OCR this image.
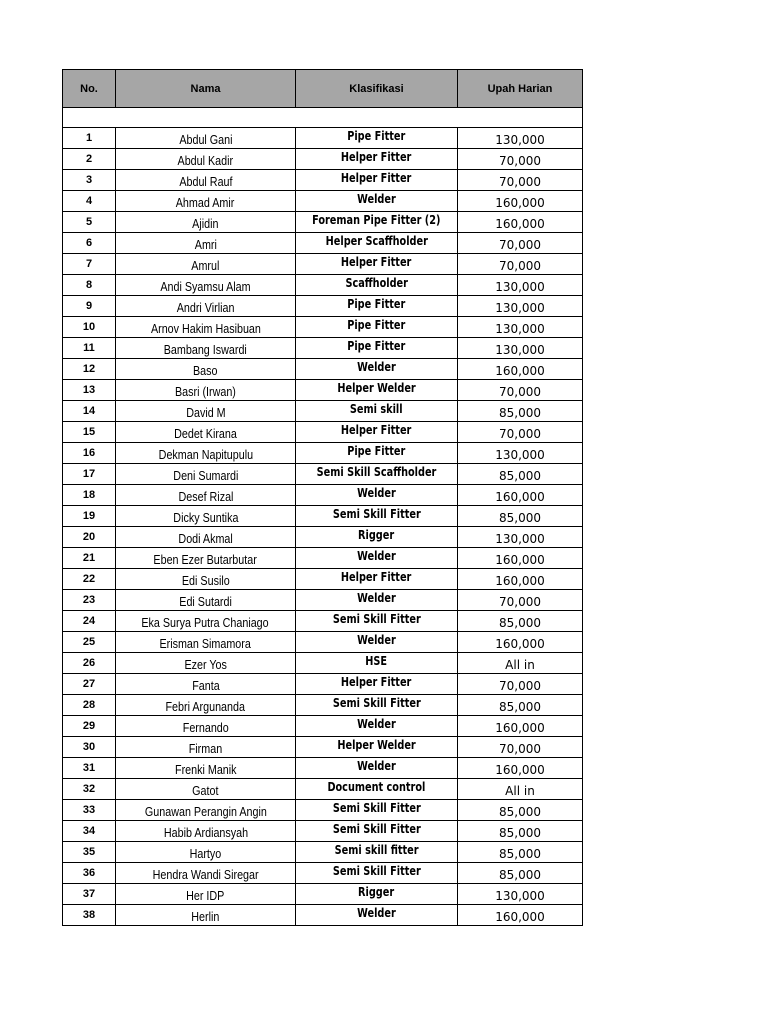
No.	Nama	Klasifikasi	Upah Harian

1	Abdul Gani	Pipe Fitter	130,000
2	Abdul Kadir	Helper Fitter	70,000
3	Abdul Rauf	Helper Fitter	70,000
4	Ahmad Amir	Welder	160,000
5	Ajidin	Foreman Pipe Fitter (2)	160,000
6	Amri	Helper Scaffholder	70,000
7	Amrul	Helper Fitter	70,000
8	Andi Syamsu Alam	Scaffholder	130,000
9	Andri Virlian	Pipe Fitter	130,000
10	Arnov Hakim Hasibuan	Pipe Fitter	130,000
11	Bambang Iswardi	Pipe Fitter	130,000
12	Baso	Welder	160,000
13	Basri (Irwan)	Helper Welder	70,000
14	David M	Semi skill	85,000
15	Dedet Kirana	Helper Fitter	70,000
16	Dekman Napitupulu	Pipe Fitter	130,000
17	Deni Sumardi	Semi Skill Scaffholder	85,000
18	Desef Rizal	Welder	160,000
19	Dicky Suntika	Semi Skill Fitter	85,000
20	Dodi Akmal	Rigger	130,000
21	Eben Ezer Butarbutar	Welder	160,000
22	Edi Susilo	Helper Fitter	160,000
23	Edi Sutardi	Welder	70,000
24	Eka Surya Putra Chaniago	Semi Skill Fitter	85,000
25	Erisman Simamora	Welder	160,000
26	Ezer Yos	HSE	All in
27	Fanta	Helper Fitter	70,000
28	Febri Argunanda	Semi Skill Fitter	85,000
29	Fernando	Welder	160,000
30	Firman	Helper Welder	70,000
31	Frenki Manik	Welder	160,000
32	Gatot	Document control	All in
33	Gunawan Perangin Angin	Semi Skill Fitter	85,000
34	Habib Ardiansyah	Semi Skill Fitter	85,000
35	Hartyo	Semi skill fitter	85,000
36	Hendra Wandi Siregar	Semi Skill Fitter	85,000
37	Her IDP	Rigger	130,000
38	Herlin	Welder	160,000
